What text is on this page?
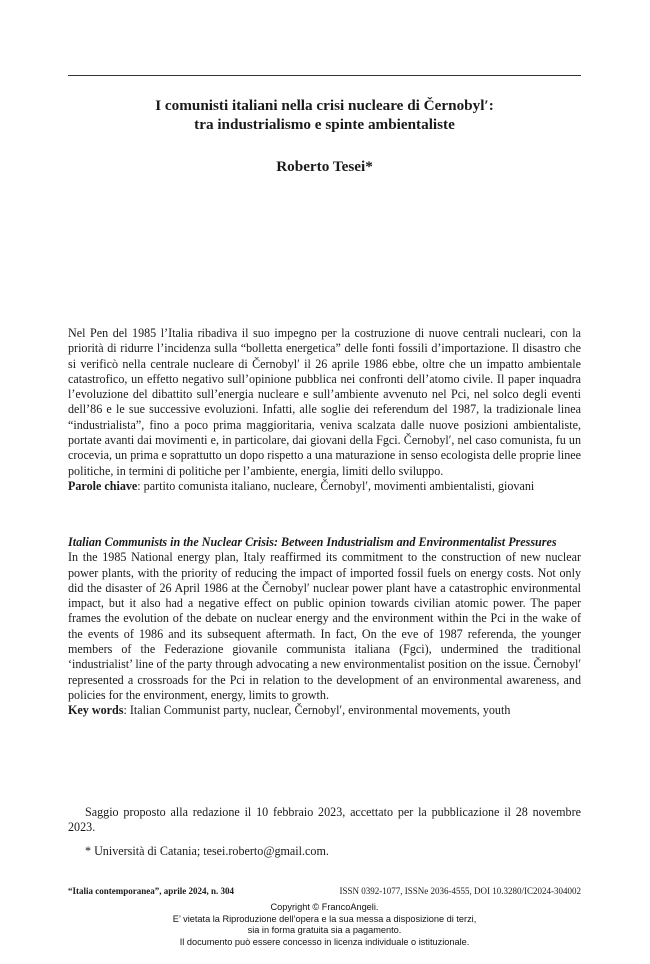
I comunisti italiani nella crisi nucleare di Černobyl′:
tra industrialismo e spinte ambientaliste
Roberto Tesei*

Nel Pen del 1985 l’Italia ribadiva il suo impegno per la costruzione di nuove centrali nucleari, con la priorità di ridurre l’incidenza sulla “bolletta energetica” delle fonti fossili d’importazione. Il disastro che si verificò nella centrale nucleare di Černobyl′ il 26 aprile 1986 ebbe, oltre che un impatto ambientale catastrofico, un effetto negativo sull’opinione pubblica nei confronti dell’atomo civile. Il paper inquadra l’evoluzione del dibattito sull’energia nucleare e sull’ambiente avvenuto nel Pci, nel solco degli eventi dell’86 e le sue successive evoluzioni. Infatti, alle soglie dei referendum del 1987, la tradizionale linea “industrialista”, fino a poco prima maggioritaria, veniva scalzata dalle nuove posizioni ambientaliste, portate avanti dai movimenti e, in particolare, dai giovani della Fgci. Černobyl′, nel caso comunista, fu un crocevia, un prima e soprattutto un dopo rispetto a una maturazione in senso ecologista delle proprie linee politiche, in termini di politiche per l’ambiente, energia, limiti dello sviluppo.

Parole chiave: partito comunista italiano, nucleare, Černobyl′, movimenti ambientalisti, giovani

Italian Communists in the Nuclear Crisis: Between Industrialism and Environmentalist Pressures

In the 1985 National energy plan, Italy reaffirmed its commitment to the construction of new nuclear power plants, with the priority of reducing the impact of imported fossil fuels on energy costs. Not only did the disaster of 26 April 1986 at the Černobyl′ nuclear power plant have a catastrophic environmental impact, but it also had a negative effect on public opinion towards civilian atomic power. The paper frames the evolution of the debate on nuclear energy and the environment within the Pci in the wake of the events of 1986 and its subsequent aftermath. In fact, On the eve of 1987 referenda, the younger members of the Federazione giovanile communista italiana (Fgci), undermined the traditional ‘industrialist’ line of the party through advocating a new environmentalist position on the issue. Černobyl′ represented a crossroads for the Pci in relation to the development of an environmental awareness, and policies for the environment, energy, limits to growth.

Key words: Italian Communist party, nuclear, Černobyl′, environmental movements, youth

Saggio proposto alla redazione il 10 febbraio 2023, accettato per la pubblicazione il 28 novembre 2023.

* Università di Catania; tesei.roberto@gmail.com.

“Italia contemporanea”, aprile 2024, n. 304	ISSN 0392-1077, ISSNe 2036-4555, DOI 10.3280/IC2024-304002
Copyright © FrancoAngeli.
E’ vietata la Riproduzione dell’opera e la sua messa a disposizione di terzi,
sia in forma gratuita sia a pagamento.
Il documento può essere concesso in licenza individuale o istituzionale.
